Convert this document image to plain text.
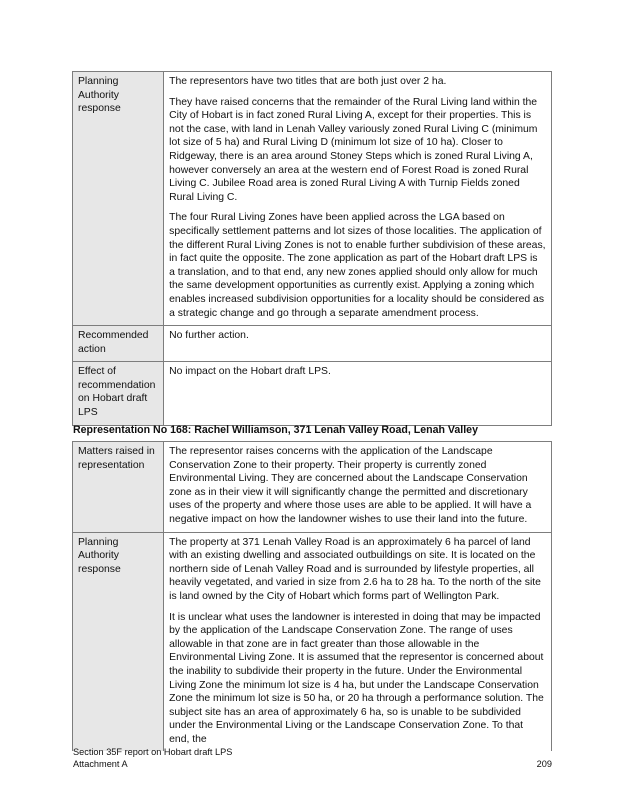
Planning Authority response	The representors have two titles that are both just over 2 ha.

They have raised concerns that the remainder of the Rural Living land within the City of Hobart is in fact zoned Rural Living A, except for their properties. This is not the case, with land in Lenah Valley variously zoned Rural Living C (minimum lot size of 5 ha) and Rural Living D (minimum lot size of 10 ha). Closer to Ridgeway, there is an area around Stoney Steps which is zoned Rural Living A, however conversely an area at the western end of Forest Road is zoned Rural Living C. Jubilee Road area is zoned Rural Living A with Turnip Fields zoned Rural Living C.

The four Rural Living Zones have been applied across the LGA based on specifically settlement patterns and lot sizes of those localities. The application of the different Rural Living Zones is not to enable further subdivision of these areas, in fact quite the opposite. The zone application as part of the Hobart draft LPS is a translation, and to that end, any new zones applied should only allow for much the same development opportunities as currently exist. Applying a zoning which enables increased subdivision opportunities for a locality should be considered as a strategic change and go through a separate amendment process.

Recommended action	No further action.

Effect of recommendation on Hobart draft LPS	No impact on the Hobart draft LPS.

Representation No 168: Rachel Williamson, 371 Lenah Valley Road, Lenah Valley
Matters raised in representation	The representor raises concerns with the application of the Landscape Conservation Zone to their property. Their property is currently zoned Environmental Living. They are concerned about the Landscape Conservation zone as in their view it will significantly change the permitted and discretionary uses of the property and where those uses are able to be applied. It will have a negative impact on how the landowner wishes to use their land into the future.

Planning Authority response	The property at 371 Lenah Valley Road is an approximately 6 ha parcel of land with an existing dwelling and associated outbuildings on site. It is located on the northern side of Lenah Valley Road and is surrounded by lifestyle properties, all heavily vegetated, and varied in size from 2.6 ha to 28 ha. To the north of the site is land owned by the City of Hobart which forms part of Wellington Park.

It is unclear what uses the landowner is interested in doing that may be impacted by the application of the Landscape Conservation Zone. The range of uses allowable in that zone are in fact greater than those allowable in the Environmental Living Zone. It is assumed that the representor is concerned about the inability to subdivide their property in the future. Under the Environmental Living Zone the minimum lot size is 4 ha, but under the Landscape Conservation Zone the minimum lot size is 50 ha, or 20 ha through a performance solution. The subject site has an area of approximately 6 ha, so is unable to be subdivided under the Environmental Living or the Landscape Conservation Zone. To that end, the

Section 35F report on Hobart draft LPS
Attachment A	209
